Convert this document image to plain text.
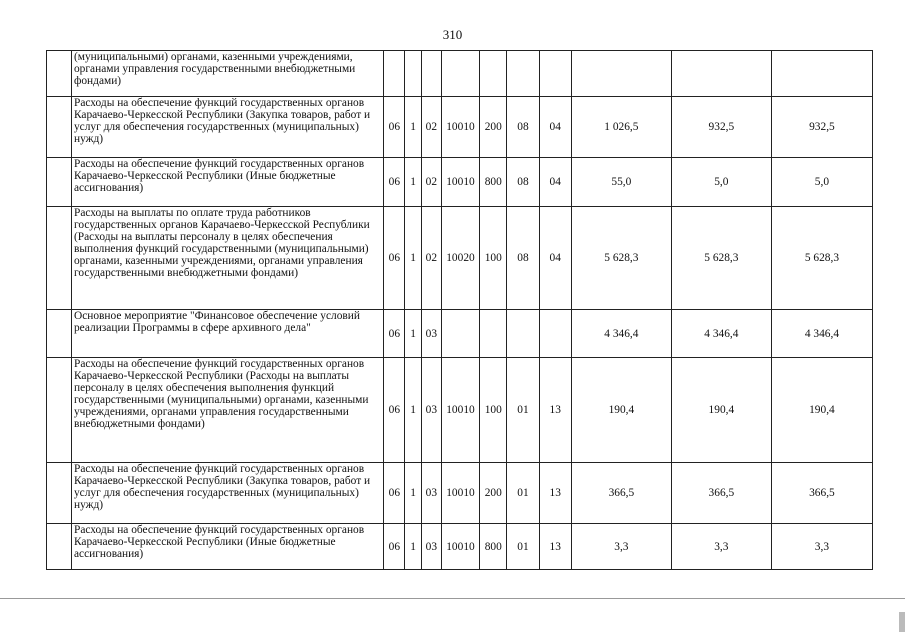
310
	(муниципальными) органами, казенными учреждениями, органами управления государственными внебюджетными фондами)										
	Расходы на обеспечение функций государственных органов Карачаево-Черкесской Республики (Закупка товаров, работ и услуг для обеспечения государственных (муниципальных) нужд)	06	1	02	10010	200	08	04	1 026,5	932,5	932,5
	Расходы на обеспечение функций государственных органов Карачаево-Черкесской Республики (Иные бюджетные ассигнования)	06	1	02	10010	800	08	04	55,0	5,0	5,0
	Расходы на выплаты по оплате труда работников государственных органов Карачаево-Черкесской Республики (Расходы на выплаты персоналу в целях обеспечения выполнения функций государственными (муниципальными) органами, казенными учреждениями, органами управления государственными внебюджетными фондами)	06	1	02	10020	100	08	04	5 628,3	5 628,3	5 628,3
	Основное мероприятие "Финансовое обеспечение условий реализации Программы в сфере архивного дела"	06	1	03					4 346,4	4 346,4	4 346,4
	Расходы на обеспечение функций государственных органов Карачаево-Черкесской Республики (Расходы на выплаты персоналу в целях обеспечения выполнения функций государственными (муниципальными) органами, казенными учреждениями, органами управления государственными внебюджетными фондами)	06	1	03	10010	100	01	13	190,4	190,4	190,4
	Расходы на обеспечение функций государственных органов Карачаево-Черкесской Республики (Закупка товаров, работ и услуг для обеспечения государственных (муниципальных) нужд)	06	1	03	10010	200	01	13	366,5	366,5	366,5
	Расходы на обеспечение функций государственных органов Карачаево-Черкесской Республики (Иные бюджетные ассигнования)	06	1	03	10010	800	01	13	3,3	3,3	3,3
